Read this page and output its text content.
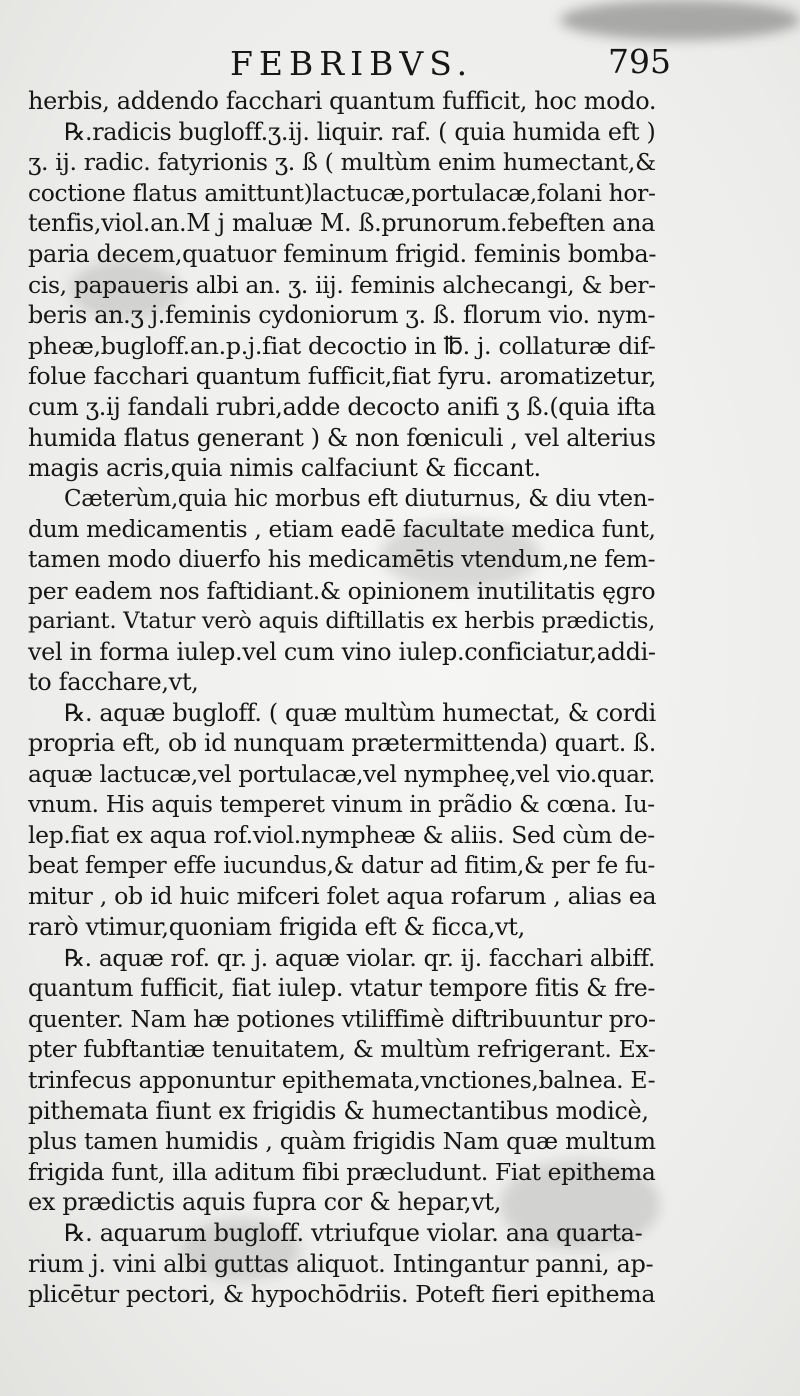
FEBRIBVS.	795
herbis, addendo facchari quantum fufficit, hoc modo.
℞.radicis bugloff.ʒ.ij. liquir. raf. ( quia humida eft )
ʒ. ij. radic. fatyrionis ʒ. ß ( multùm enim humectant,&
coctione flatus amittunt)lactucæ,portulacæ,folani hor-
tenfis,viol.an.M j maluæ M. ß.prunorum.febeften ana
paria decem,quatuor feminum frigid. feminis bomba-
cis, papaueris albi an. ʒ. iij. feminis alchecangi, & ber-
beris an.ʒ j.feminis cydoniorum ʒ. ß. florum vio. nym-
pheæ,bugloff.an.p.j.fiat decoctio in ℔. j. collaturæ dif-
folue facchari quantum fufficit,fiat fyru. aromatizetur,
cum ʒ.ij fandali rubri,adde decocto anifi ʒ ß.(quia ifta
humida flatus generant ) & non fœniculi , vel alterius
magis acris,quia nimis calfaciunt & ficcant.
Cæterùm,quia hic morbus eft diuturnus, & diu vten-
dum medicamentis , etiam eadē facultate medica funt,
tamen modo diuerfo his medicamētis vtendum,ne fem-
per eadem nos faftidiant.& opinionem inutilitatis ęgro
pariant. Vtatur verò aquis diftillatis ex herbis prædictis,
vel in forma iulep.vel cum vino iulep.conficiatur,addi-
to facchare,vt,
℞. aquæ bugloff. ( quæ multùm humectat, & cordi
propria eft, ob id nunquam prætermittenda) quart. ß.
aquæ lactucæ,vel portulacæ,vel nympheę,vel vio.quar.
vnum. His aquis temperet vinum in prãdio & cœna. Iu-
lep.fiat ex aqua rof.viol.nympheæ & aliis. Sed cùm de-
beat femper effe iucundus,& datur ad fitim,& per fe fu-
mitur , ob id huic mifceri folet aqua rofarum , alias ea
rarò vtimur,quoniam frigida eft & ficca,vt,
℞. aquæ rof. qr. j. aquæ violar. qr. ij. facchari albiff.
quantum fufficit, fiat iulep. vtatur tempore fitis & fre-
quenter. Nam hæ potiones vtiliffimè diftribuuntur pro-
pter fubftantiæ tenuitatem, & multùm refrigerant. Ex-
trinfecus apponuntur epithemata,vnctiones,balnea. E-
pithemata fiunt ex frigidis & humectantibus modicè,
plus tamen humidis , quàm frigidis Nam quæ multum
frigida funt, illa aditum fibi præcludunt. Fiat epithema
ex prædictis aquis fupra cor & hepar,vt,
℞. aquarum bugloff. vtriufque violar. ana quarta-
rium j. vini albi guttas aliquot. Intingantur panni, ap-
plicētur pectori, & hypochōdriis. Poteft fieri epithema
